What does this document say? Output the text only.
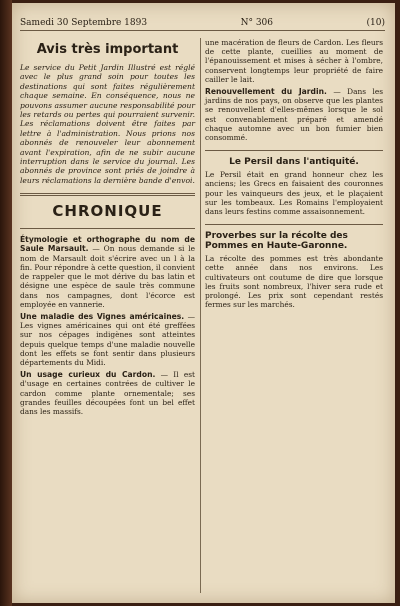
Samedi 30 Septembre 1893	N° 306	(10)
Avis très important

Le service du Petit Jardin Illustré est réglé avec le plus grand soin pour toutes les destinations qui sont faites régulièrement chaque semaine. En conséquence, nous ne pouvons assumer aucune responsabilité pour les retards ou pertes qui pourraient survenir. Les réclamations doivent être faites par lettre à l'administration. Nous prions nos abonnés de renouveler leur abonnement avant l'expiration, afin de ne subir aucune interruption dans le service du journal. Les abonnés de province sont priés de joindre à leurs réclamations la dernière bande d'envoi.

CHRONIQUE

Étymologie et orthographe du nom de Saule Marsault. — On nous demande si le nom de Marsault doit s'écrire avec un l à la fin. Pour répondre à cette question, il convient de rappeler que le mot dérive du bas latin et désigne une espèce de saule très commune dans nos campagnes, dont l'écorce est employée en vannerie.

Une maladie des Vignes américaines. — Les vignes américaines qui ont été greffées sur nos cépages indigènes sont atteintes depuis quelque temps d'une maladie nouvelle dont les effets se font sentir dans plusieurs départements du Midi.

Un usage curieux du Cardon. — Il est d'usage en certaines contrées de cultiver le cardon comme plante ornementale; ses grandes feuilles découpées font un bel effet dans les massifs.

une macération de fleurs de Cardon. Les fleurs de cette plante, cueillies au moment de l'épanouissement et mises à sécher à l'ombre, conservent longtemps leur propriété de faire cailler le lait.

Renouvellement du Jardin. — Dans les jardins de nos pays, on observe que les plantes se renouvellent d'elles-mêmes lorsque le sol est convenablement préparé et amendé chaque automne avec un bon fumier bien consommé.

Le Persil dans l'antiquité.

Le Persil était en grand honneur chez les anciens; les Grecs en faisaient des couronnes pour les vainqueurs des jeux, et le plaçaient sur les tombeaux. Les Romains l'employaient dans leurs festins comme assaisonnement.

Proverbes sur la récolte des Pommes en Haute-Garonne.

La récolte des pommes est très abondante cette année dans nos environs. Les cultivateurs ont coutume de dire que lorsque les fruits sont nombreux, l'hiver sera rude et prolongé. Les prix sont cependant restés fermes sur les marchés.
